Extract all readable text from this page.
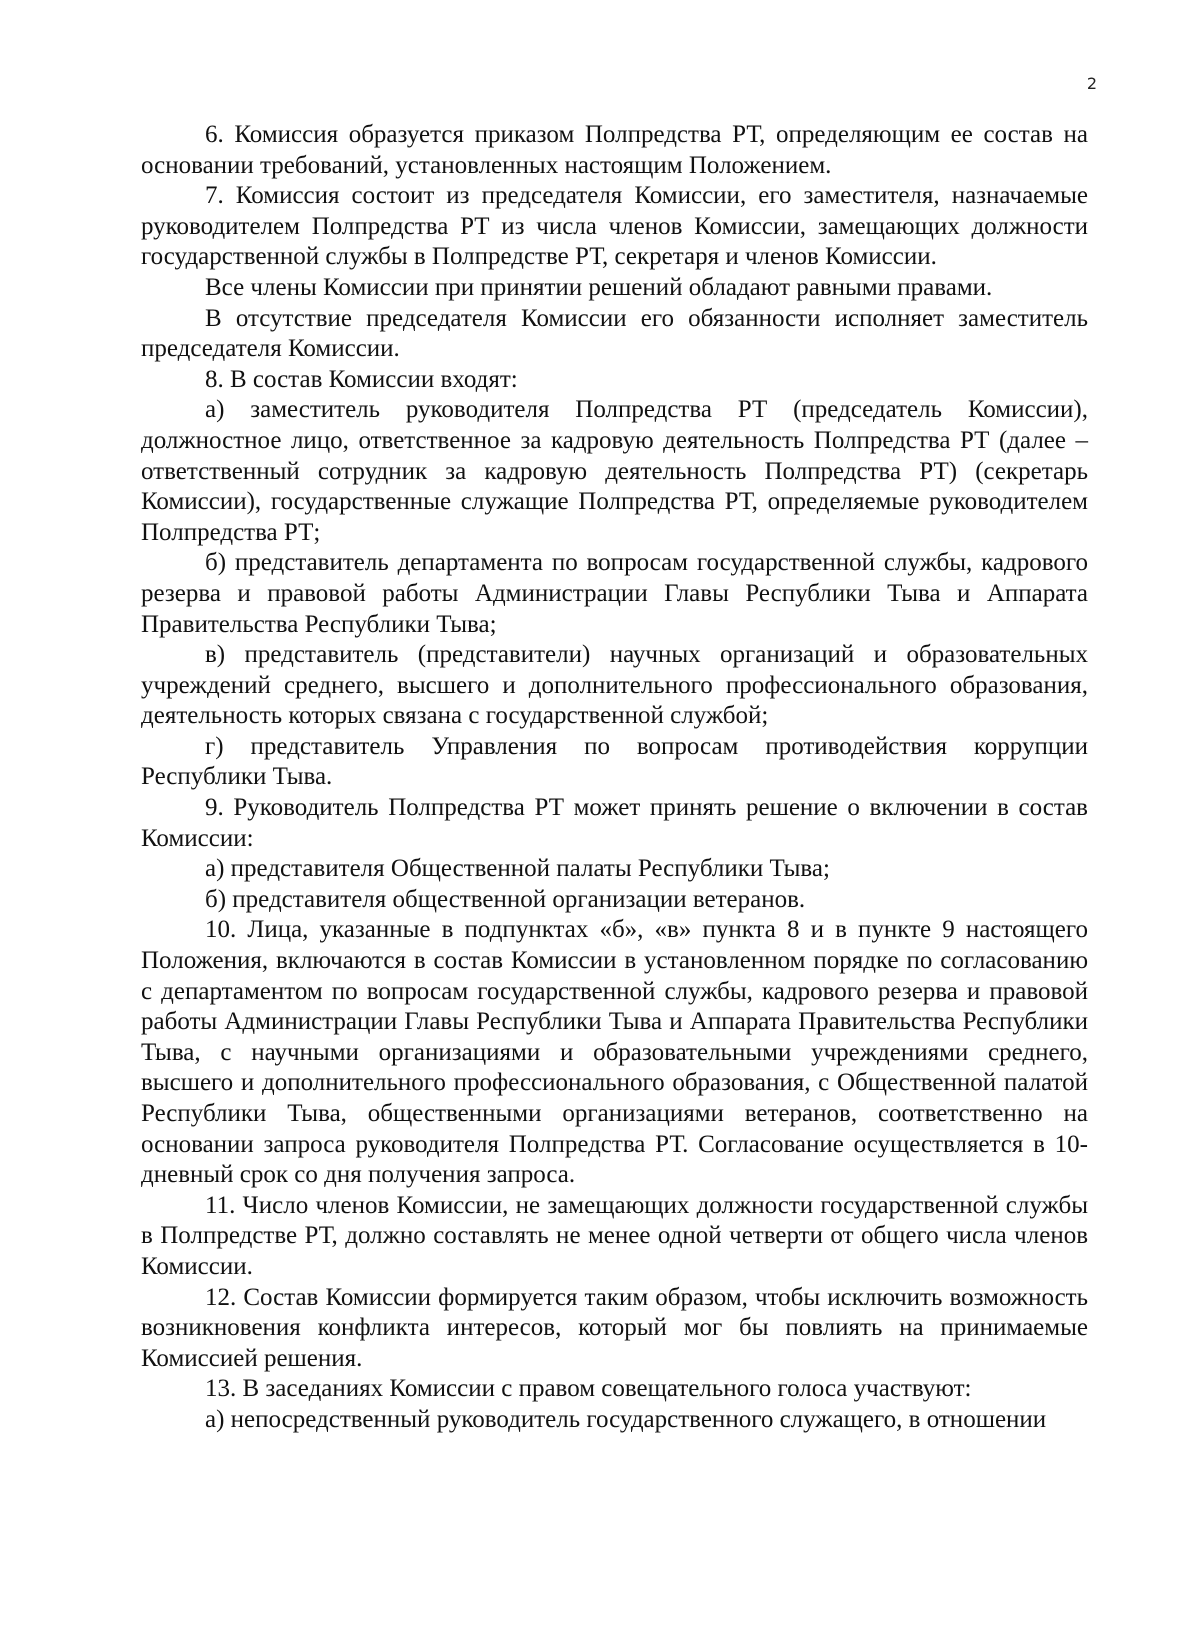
2

6. Комиссия образуется приказом Полпредства РТ, определяющим ее состав на основании требований, установленных настоящим Положением.

7. Комиссия состоит из председателя Комиссии, его заместителя, назначаемые руководителем Полпредства РТ из числа членов Комиссии, замещающих должности государственной службы в Полпредстве РТ, секретаря и членов Комиссии.

Все члены Комиссии при принятии решений обладают равными правами.

В отсутствие председателя Комиссии его обязанности исполняет заместитель председателя Комиссии.

8. В состав Комиссии входят:

а) заместитель руководителя Полпредства РТ (председатель Комиссии), должностное лицо, ответственное за кадровую деятельность Полпредства РТ (далее – ответственный сотрудник за кадровую деятельность Полпредства РТ) (секретарь Комиссии), государственные служащие Полпредства РТ, определяемые руководителем Полпредства РТ;

б) представитель департамента по вопросам государственной службы, кадрового резерва и правовой работы Администрации Главы Республики Тыва и Аппарата Правительства Республики Тыва;

в) представитель (представители) научных организаций и образовательных учреждений среднего, высшего и дополнительного профессионального образования, деятельность которых связана с государственной службой;

г) представитель Управления по вопросам противодействия коррупции Республики Тыва.

9. Руководитель Полпредства РТ может принять решение о включении в состав Комиссии:

а) представителя Общественной палаты Республики Тыва;

б) представителя общественной организации ветеранов.

10. Лица, указанные в подпунктах «б», «в» пункта 8 и в пункте 9 настоящего Положения, включаются в состав Комиссии в установленном порядке по согласованию с департаментом по вопросам государственной службы, кадрового резерва и правовой работы Администрации Главы Республики Тыва и Аппарата Правительства Республики Тыва, с научными организациями и образовательными учреждениями среднего, высшего и дополнительного профессионального образования, с Общественной палатой Республики Тыва, общественными организациями ветеранов, соответственно на основании запроса руководителя Полпредства РТ. Согласование осуществляется в 10-дневный срок со дня получения запроса.

11. Число членов Комиссии, не замещающих должности государственной службы в Полпредстве РТ, должно составлять не менее одной четверти от общего числа членов Комиссии.

12. Состав Комиссии формируется таким образом, чтобы исключить возможность возникновения конфликта интересов, который мог бы повлиять на принимаемые Комиссией решения.

13. В заседаниях Комиссии с правом совещательного голоса участвуют:

а) непосредственный руководитель государственного служащего, в отношении
